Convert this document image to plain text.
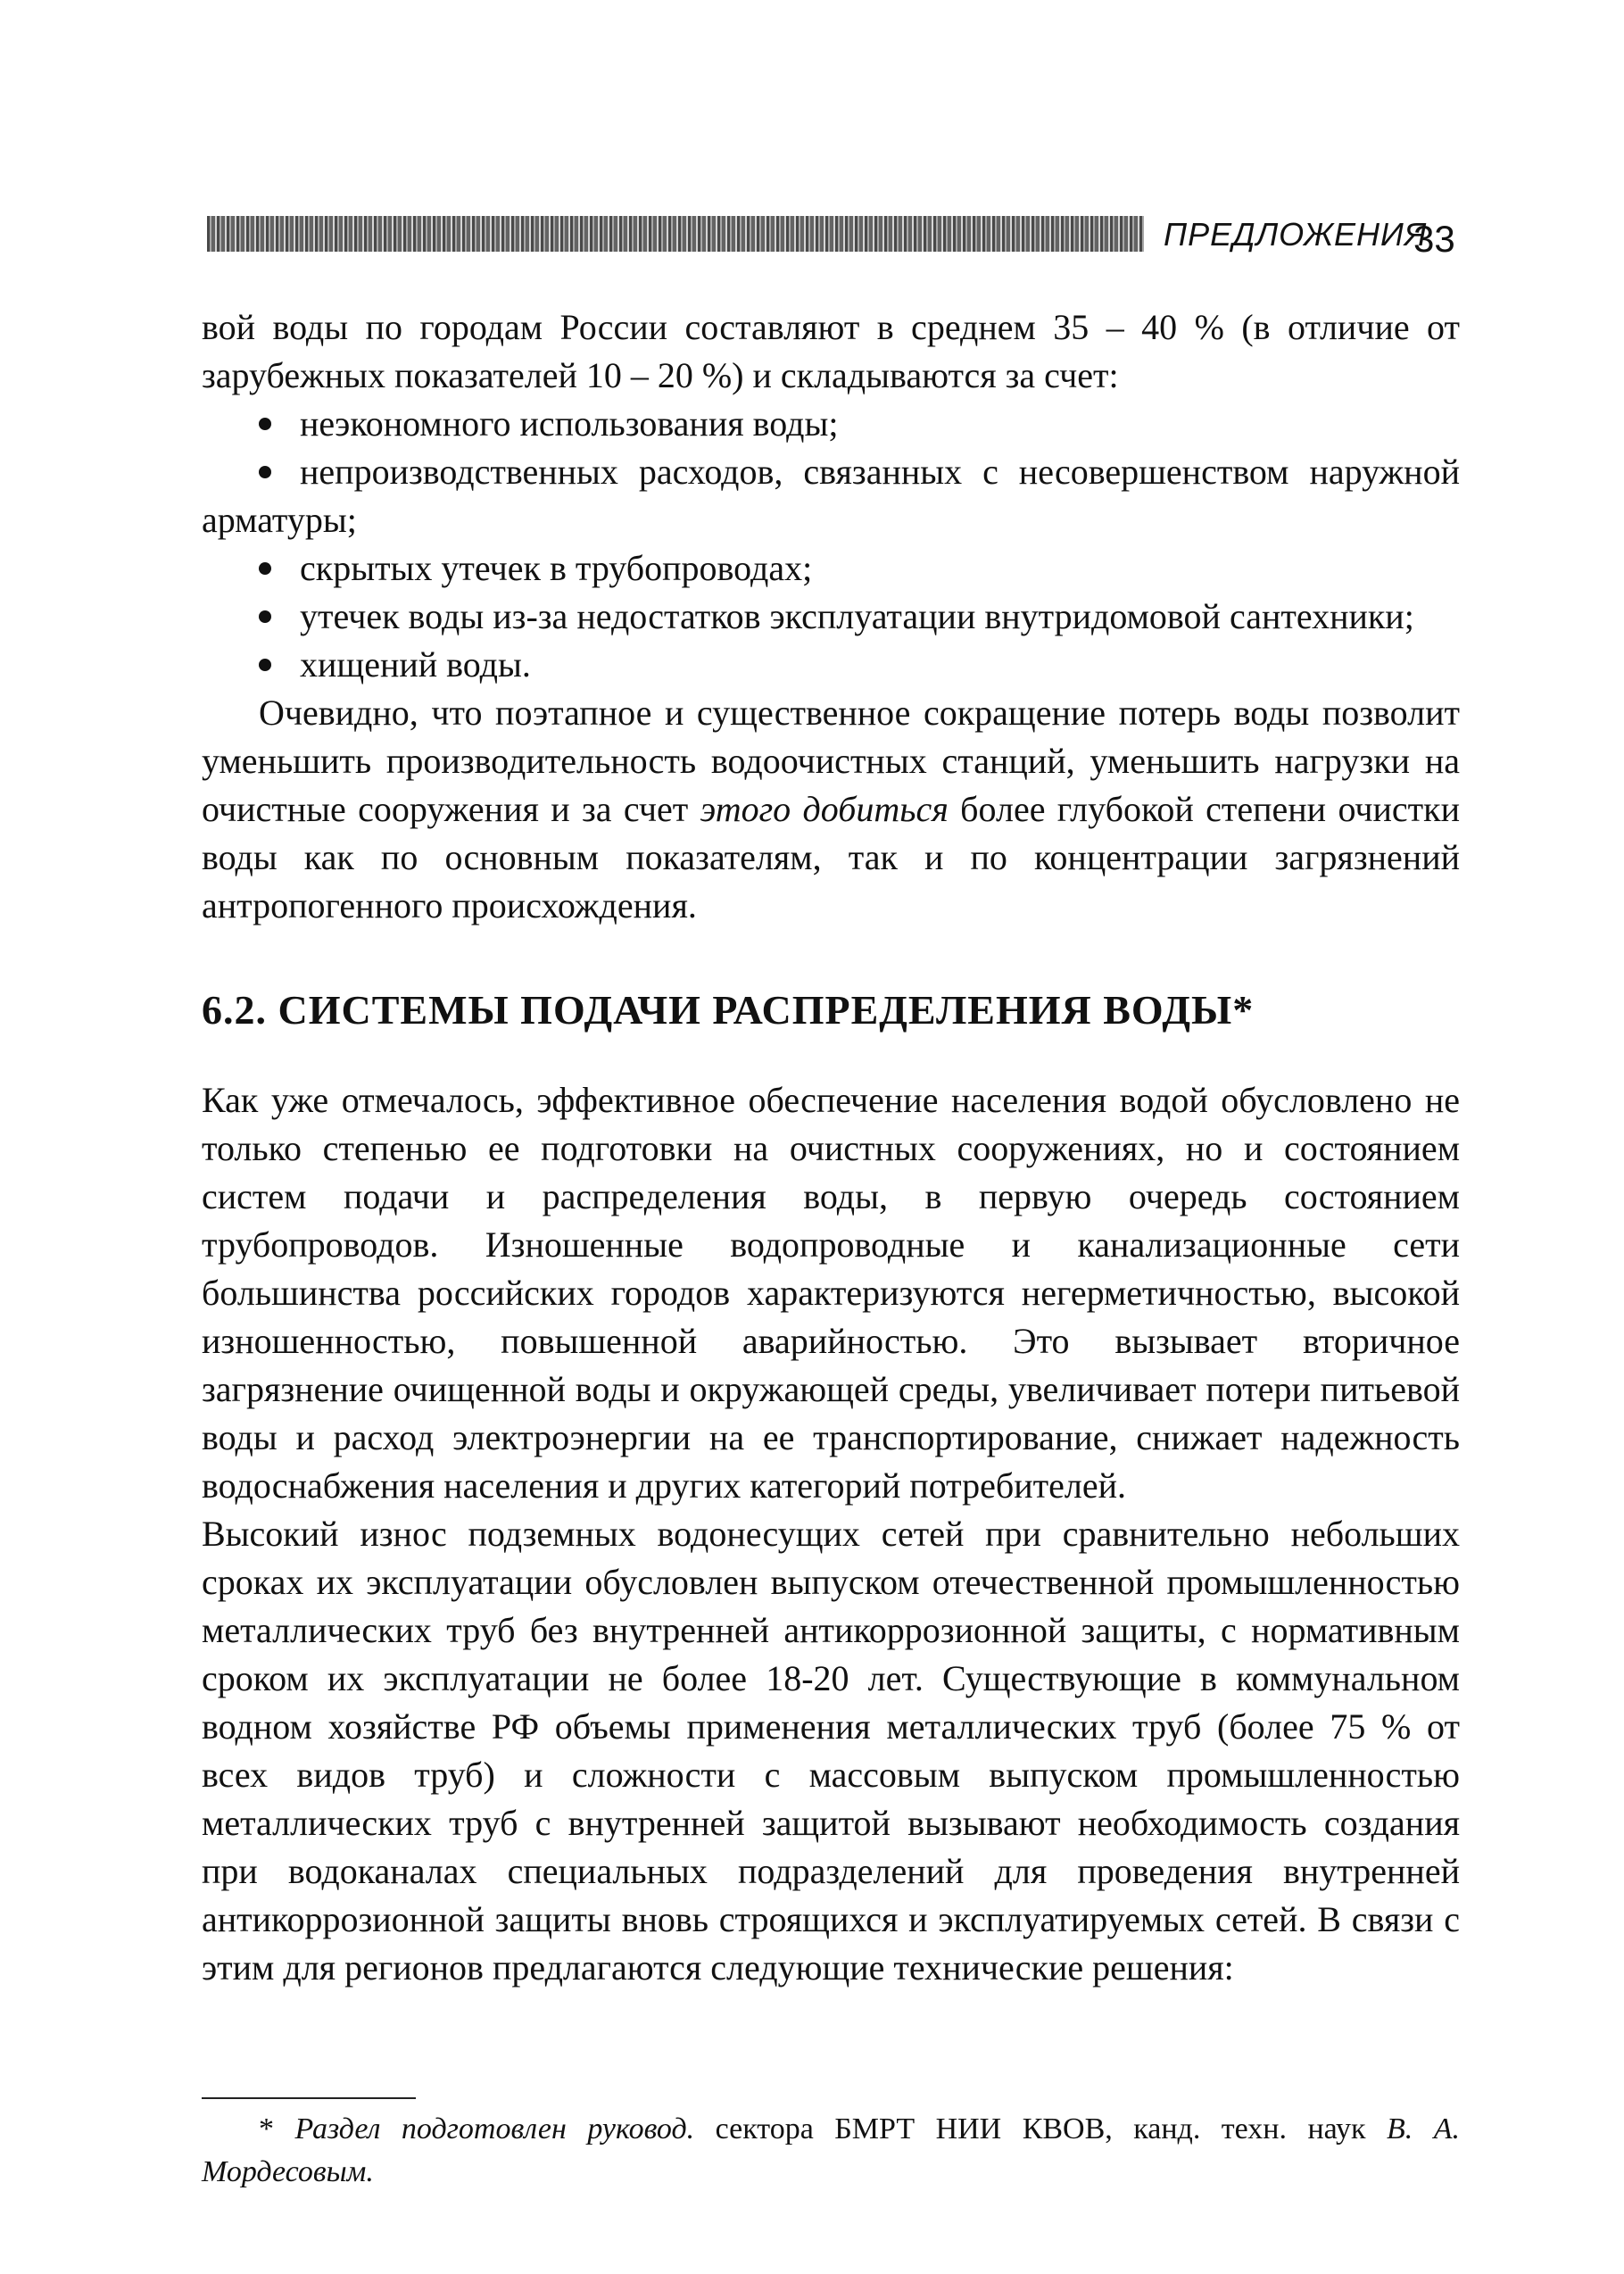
ПРЕДЛОЖЕНИЯ
33

вой воды по городам России составляют в среднем 35 – 40 % (в отличие от зарубежных показателей 10 – 20 %) и складываются за счет:

неэкономного использования воды;
непроизводственных расходов, связанных с несовершенством наружной арматуры;
скрытых утечек в трубопроводах;
утечек воды из-за недостатков эксплуатации внутридомовой сантехники;
хищений воды.

Очевидно, что поэтапное и существенное сокращение потерь воды позволит уменьшить производительность водоочистных станций, уменьшить нагрузки на очистные сооружения и за счет этого добиться более глубокой степени очистки воды как по основным показателям, так и по концентрации загрязнений антропогенного происхождения.

6.2. СИСТЕМЫ ПОДАЧИ РАСПРЕДЕЛЕНИЯ ВОДЫ*

Как уже отмечалось, эффективное обеспечение населения водой обусловлено не только степенью ее подготовки на очистных сооружениях, но и состоянием систем подачи и распределения воды, в первую очередь состоянием трубопроводов. Изношенные водопроводные и канализационные сети большинства российских городов характеризуются негерметичностью, высокой изношенностью, повышенной аварийностью. Это вызывает вторичное загрязнение очищенной воды и окружающей среды, увеличивает потери питьевой воды и расход электроэнергии на ее транспортирование, снижает надежность водоснабжения населения и других категорий потребителей.

Высокий износ подземных водонесущих сетей при сравнительно небольших сроках их эксплуатации обусловлен выпуском отечественной промышленностью металлических труб без внутренней антикоррозионной защиты, с нормативным сроком их эксплуатации не более 18-20 лет. Существующие в коммунальном водном хозяйстве РФ объемы применения металлических труб (более 75 % от всех видов труб) и сложности с массовым выпуском промышленностью металлических труб с внутренней защитой вызывают необходимость создания при водоканалах специальных подразделений для проведения внутренней антикоррозионной защиты вновь строящихся и эксплуатируемых сетей. В связи с этим для регионов предлагаются следующие технические решения:

* Раздел подготовлен руковод. сектора БМРТ НИИ КВОВ, канд. техн. наук В. А. Мордесовым.
